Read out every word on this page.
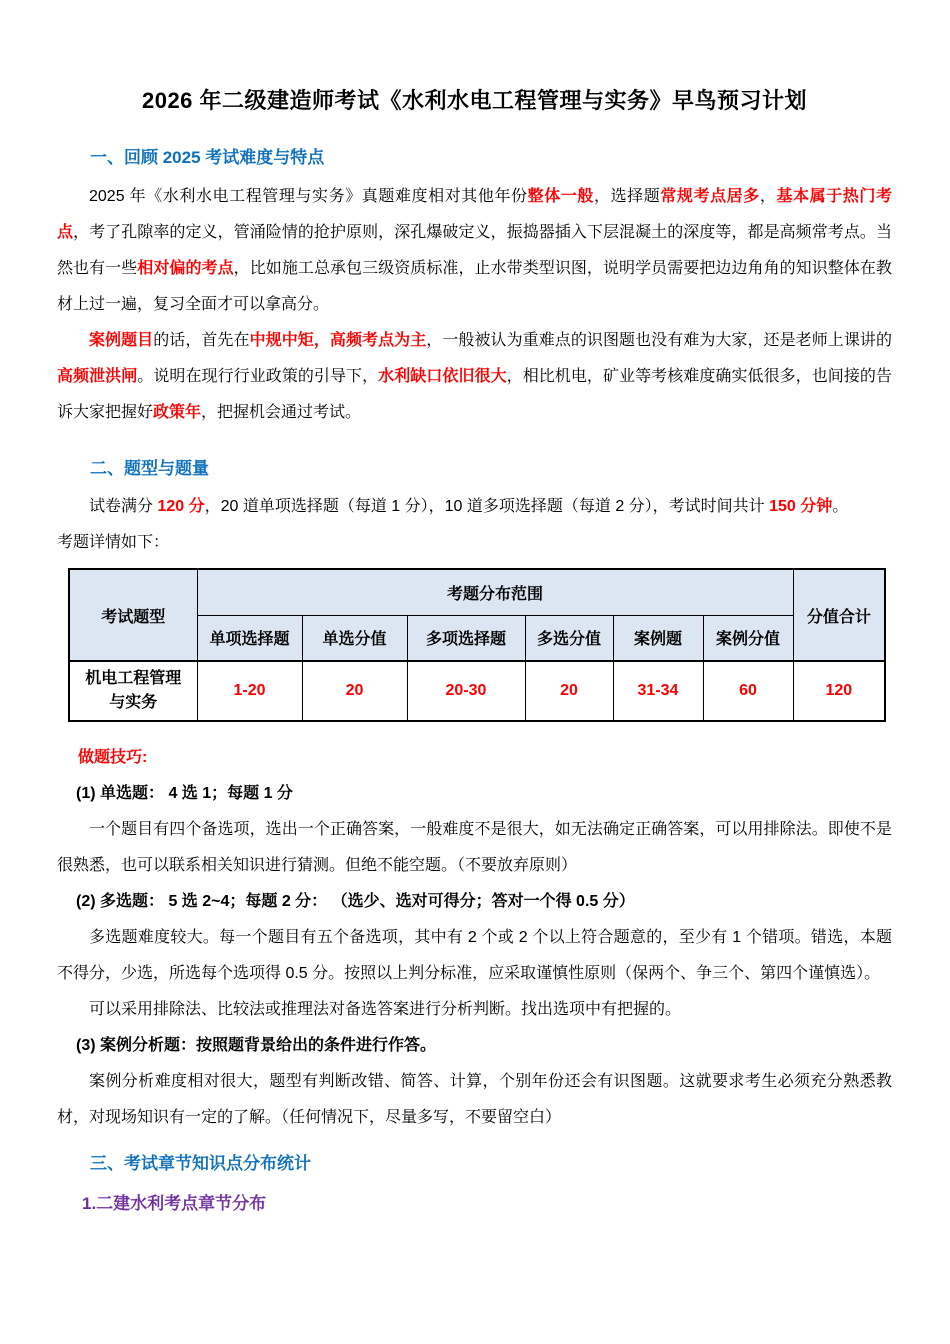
2026 年二级建造师考试《水利水电工程管理与实务》早鸟预习计划
一、回顾 2025 考试难度与特点
2025 年《水利水电工程管理与实务》真题难度相对其他年份整体一般，选择题常规考点居多，基本属于热门考点，考了孔隙率的定义，管涌险情的抢护原则，深孔爆破定义，振捣器插入下层混凝土的深度等，都是高频常考点。当然也有一些相对偏的考点，比如施工总承包三级资质标准，止水带类型识图，说明学员需要把边边角角的知识整体在教材上过一遍，复习全面才可以拿高分。
案例题目的话，首先在中规中矩，高频考点为主，一般被认为重难点的识图题也没有难为大家，还是老师上课讲的高频泄洪闸。说明在现行行业政策的引导下，水利缺口依旧很大，相比机电，矿业等考核难度确实低很多，也间接的告诉大家把握好政策年，把握机会通过考试。
二、题型与题量
试卷满分 120 分，20 道单项选择题（每道 1 分），10 道多项选择题（每道 2 分），考试时间共计 150 分钟。
考题详情如下：
考试题型	考题分布范围						分值合计
	单项选择题	单选分值	多项选择题	多选分值	案例题	案例分值	
机电工程管理
与实务	1-20	20	20-30	20	31-34	60	120
做题技巧:
(1) 单选题： 4 选 1；每题 1 分
一个题目有四个备选项，选出一个正确答案，一般难度不是很大，如无法确定正确答案，可以用排除法。即使不是很熟悉，也可以联系相关知识进行猜测。但绝不能空题。（不要放弃原则）
(2) 多选题： 5 选 2~4；每题 2 分： （选少、选对可得分；答对一个得 0.5 分）
多选题难度较大。每一个题目有五个备选项，其中有 2 个或 2 个以上符合题意的，至少有 1 个错项。错选，本题不得分，少选，所选每个选项得 0.5 分。按照以上判分标准，应采取谨慎性原则（保两个、争三个、第四个谨慎选）。
可以采用排除法、比较法或推理法对备选答案进行分析判断。找出选项中有把握的。
(3) 案例分析题：按照题背景给出的条件进行作答。
案例分析难度相对很大，题型有判断改错、简答、计算，个别年份还会有识图题。这就要求考生必须充分熟悉教材，对现场知识有一定的了解。（任何情况下，尽量多写，不要留空白）
三、考试章节知识点分布统计
1.二建水利考点章节分布
